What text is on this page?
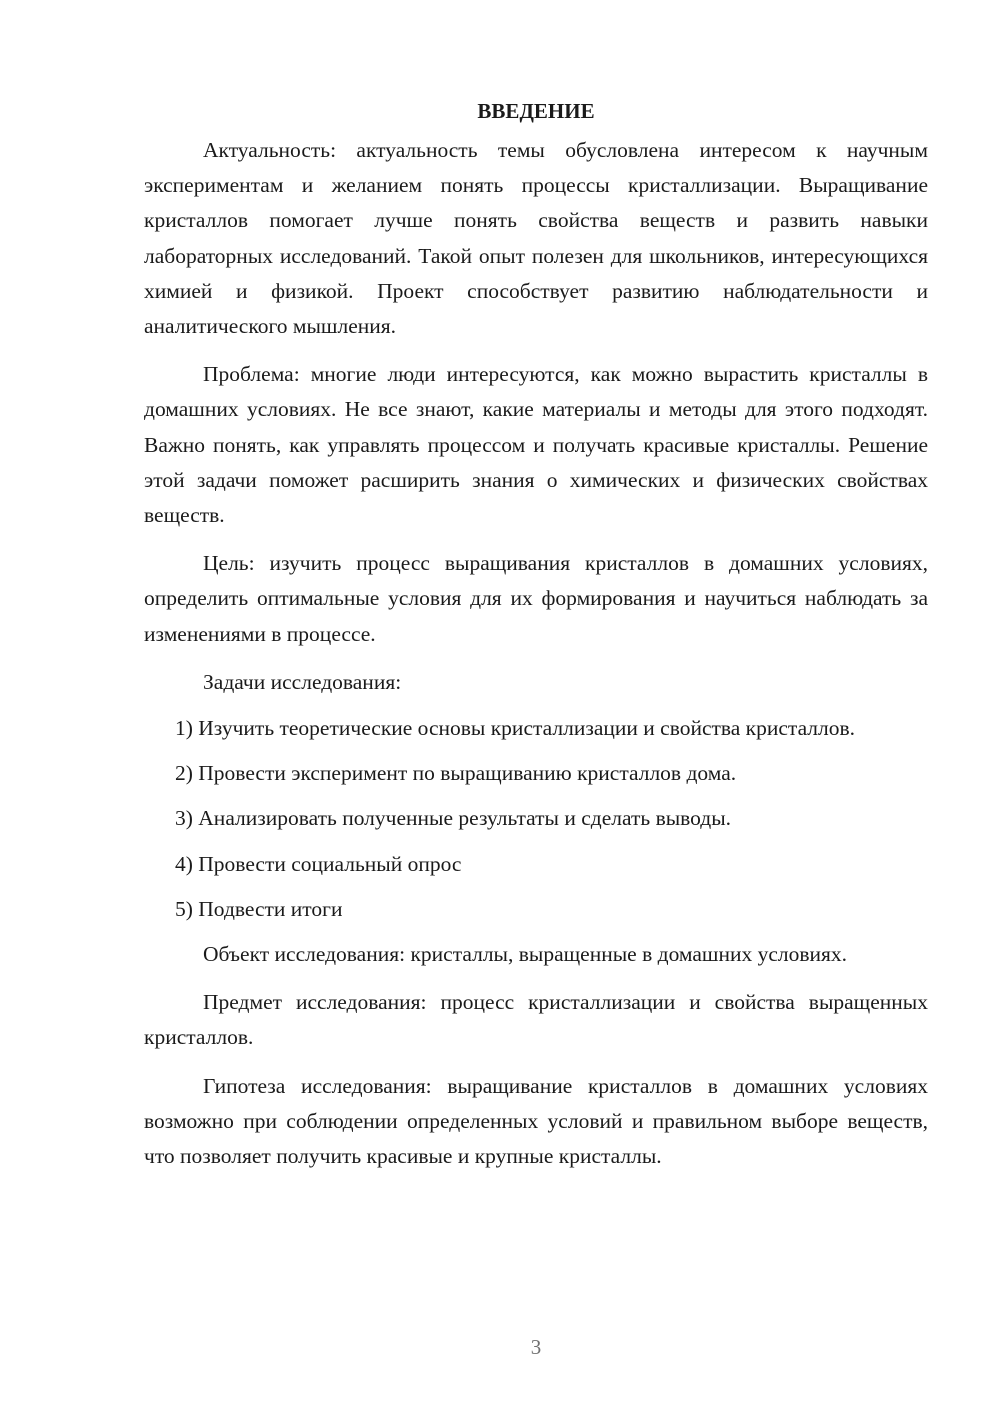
ВВЕДЕНИЕ

Актуальность: актуальность темы обусловлена интересом к научным экспериментам и желанием понять процессы кристаллизации. Выращивание кристаллов помогает лучше понять свойства веществ и развить навыки лабораторных исследований. Такой опыт полезен для школьников, интересующихся химией и физикой. Проект способствует развитию наблюдательности и аналитического мышления.

Проблема: многие люди интересуются, как можно вырастить кристаллы в домашних условиях. Не все знают, какие материалы и методы для этого подходят. Важно понять, как управлять процессом и получать красивые кристаллы. Решение этой задачи поможет расширить знания о химических и физических свойствах веществ.

Цель: изучить процесс выращивания кристаллов в домашних условиях, определить оптимальные условия для их формирования и научиться наблюдать за изменениями в процессе.

Задачи исследования:

1) Изучить теоретические основы кристаллизации и свойства кристаллов.

2) Провести эксперимент по выращиванию кристаллов дома.

3) Анализировать полученные результаты и сделать выводы.

4) Провести социальный опрос

5) Подвести итоги

Объект исследования: кристаллы, выращенные в домашних условиях.

Предмет исследования: процесс кристаллизации и свойства выращенных кристаллов.

Гипотеза исследования: выращивание кристаллов в домашних условиях возможно при соблюдении определенных условий и правильном выборе веществ, что позволяет получить красивые и крупные кристаллы.

3
